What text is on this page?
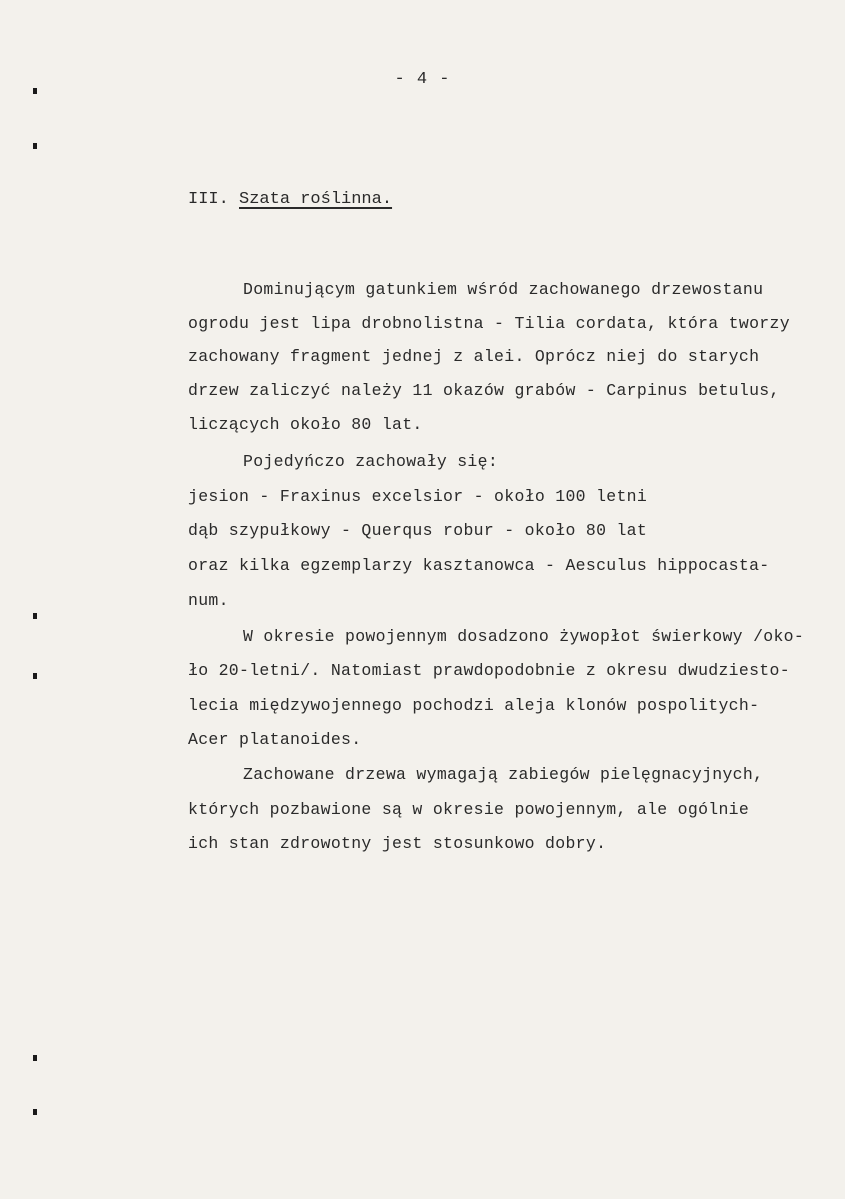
- 4 -
III. Szata roślinna.
Dominującym gatunkiem wśród zachowanego drzewostanu
ogrodu jest lipa drobnolistna - Tilia cordata, która tworzy
zachowany fragment jednej z alei. Oprócz niej do starych
drzew zaliczyć należy 11 okazów grabów - Carpinus betulus,
liczących około 80 lat.
Pojedyńczo zachowały się:
jesion - Fraxinus excelsior - około 100 letni
dąb szypułkowy - Querqus robur - około 80 lat
oraz kilka egzemplarzy kasztanowca - Aesculus hippocasta-
num.
W okresie powojennym dosadzono żywopłot świerkowy /oko-
ło 20-letni/. Natomiast prawdopodobnie z okresu dwudziesto-
lecia międzywojennego pochodzi aleja klonów pospolitych-
Acer platanoides.
Zachowane drzewa wymagają zabiegów pielęgnacyjnych,
których pozbawione są w okresie powojennym, ale ogólnie
ich stan zdrowotny jest stosunkowo dobry.
